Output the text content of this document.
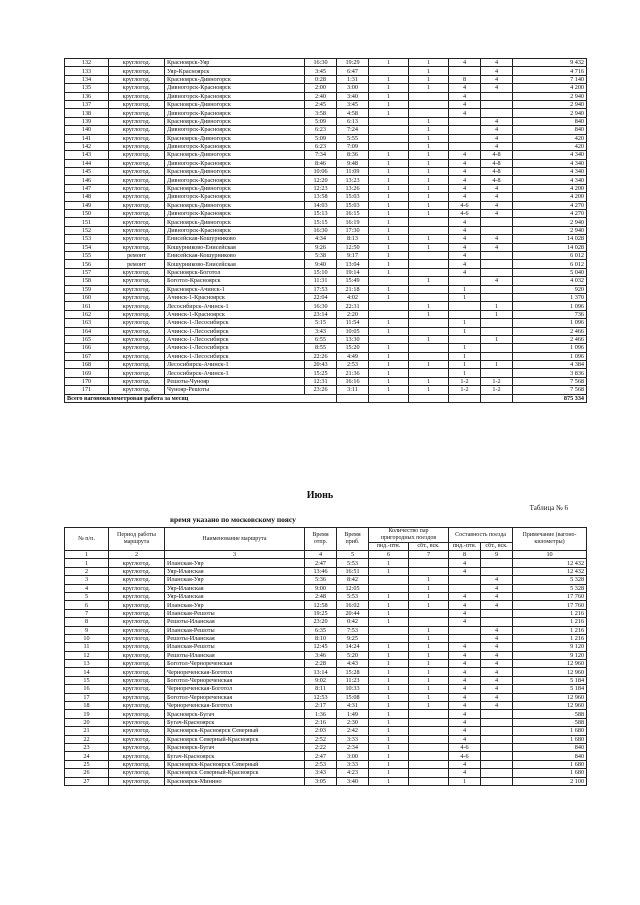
132	круглогод.	Красноярск-Уяр	16:30	19:29	1	1	4	4	9 432
133	круглогод.	Уяр-Красноярск	3:45	6:47		1		4	4 716
134	круглогод.	Красноярск-Дивногорск	0:28	1:31	1	1	8	4	7 140
135	круглогод.	Дивногорск-Красноярск	2:00	3:00	1	1	4	4	4 200
136	круглогод.	Дивногорск-Красноярск	2:40	3:40	1		4		2 940
137	круглогод.	Красноярск-Дивногорск	2:45	3:45	1		4		2 940
138	круглогод.	Дивногорск-Красноярск	3:58	4:58	1		4		2 940
139	круглогод.	Красноярск-Дивногорск	5:09	6:13		1		4	840
140	круглогод.	Дивногорск-Красноярск	6:23	7:24		1		4	840
141	круглогод.	Красноярск-Дивногорск	5:09	5:55		1		4	420
142	круглогод.	Дивногорск-Красноярск	6:23	7:09		1		4	420
143	круглогод.	Красноярск-Дивногорск	7:34	8:36	1	1	4	4-8	4 340
144	круглогод.	Дивногорск-Красноярск	8:46	9:48	1	1	4	4-8	4 340
145	круглогод.	Красноярск-Дивногорск	10:06	11:09	1	1	4	4-8	4 340
146	круглогод.	Дивногорск-Красноярск	12:20	13:23	1	1	4	4-8	4 340
147	круглогод.	Красноярск-Дивногорск	12:23	13:26	1	1	4	4	4 200
148	круглогод.	Дивногорск-Красноярск	13:58	15:03	1	1	4	4	4 200
149	круглогод.	Красноярск-Дивногорск	14:03	15:03	1	1	4-6	4	4 270
150	круглогод.	Дивногорск-Красноярск	15:13	16:15	1	1	4-6	4	4 270
151	круглогод.	Красноярск-Дивногорск	15:15	16:19	1		4		2 940
152	круглогод.	Дивногорск-Красноярск	16:30	17:30	1		4		2 940
153	круглогод.	Енисейская-Кошурниково	4:34	8:13	1	1	4	4	14 028
154	круглогод.	Кошурниково-Енисейская	9:26	12:50	1	1	4	4	14 028
155	ремонт	Енисейская-Кошурниково	5:38	9:17	1		4		6 012
156	ремонт	Кошурниково-Енисейская	9:40	13:04	1		4		6 012
157	круглогод.	Красноярск-Боготол	15:10	19:14	1		4		5 040
158	круглогод.	Боготол-Красноярск	11:31	15:49		1		4	4 032
159	круглогод.	Красноярск-Ачинск-1	17:53	21:18	1		1		920
160	круглогод.	Ачинск-1-Красноярск	22:04	4:02	1		1		1 370
161	круглогод.	Лесосибирск-Ачинск-1	16:30	22:31		1		1	1 096
162	круглогод.	Ачинск-1-Красноярск	23:14	2:20		1		1	736
163	круглогод.	Ачинск-1-Лесосибирск	5:15	11:54	1		1		1 096
164	круглогод.	Ачинск-1-Лесосибирск	3:43	10:05	1		1		2 466
165	круглогод.	Ачинск-1-Лесосибирск	6:55	13:30		1		1	2 466
166	круглогод.	Ачинск-1-Лесосибирск	8:55	15:20	1		1		1 096
167	круглогод.	Ачинск-1-Лесосибирск	22:26	4:49	1		1		1 096
168	круглогод.	Лесосибирск-Ачинск-1	20:43	2:53	1	1	1	1	4 384
169	круглогод.	Лесосибирск-Ачинск-1	15:25	21:36	1		1		3 836
170	круглогод.	Решоты-Чунояр	12:31	16:16	1	1	1-2	1-2	7 568
171	круглогод.	Чунояр-Решоты	23:26	3:11	1	1	1-2	1-2	7 568
Всего вагонокилометровая работа за месяц									875 334
Июнь
Таблица № 6
время указано по московскому поясу
№ п/п.	Период работы маршрута	Наименование маршрута	Время отпр.	Время приб.	Количество пар пригородных поездов		Составность поезда		Примечание (вагоно-километры)
					пнд.-птн.	сбт., вск.	пнд.-птн.	сбт., вск.	
1	2	3	4	5	6	7	8	9	10
1	круглогод.	Иланская-Уяр	2:47	5:53	1		4		12 432
2	круглогод.	Уяр-Иланская	13:46	16:51	1		4		12 432
3	круглогод.	Иланская-Уяр	5:36	8:42		1		4	5 328
4	круглогод.	Уяр-Иланская	9:00	12:05		1		4	5 328
5	круглогод.	Уяр-Иланская	2:48	5:53	1	1	4	4	17 760
6	круглогод.	Иланская-Уяр	12:58	16:02	1	1	4	4	17 760
7	круглогод.	Иланская-Решоты	19:25	20:44	1		4		1 216
8	круглогод.	Решоты-Иланская	23:20	0:42	1		4		1 216
9	круглогод.	Иланская-Решоты	6:35	7:53		1		4	1 216
10	круглогод.	Решоты-Иланская	8:10	9:25		1		4	1 216
11	круглогод.	Иланская-Решоты	12:45	14:24	1	1	4	4	9 120
12	круглогод.	Решоты-Иланская	3:46	5:20	1	1	4	4	9 120
13	круглогод.	Боготол-Чернореченская	2:28	4:43	1	1	4	4	12 960
14	круглогод.	Чернореченская-Боготол	13:14	15:28	1	1	4	4	12 960
15	круглогод.	Боготол-Чернореченская	9:02	11:23	1	1	4	4	5 184
16	круглогод.	Чернореченская-Боготол	8:11	10:33	1	1	4	4	5 184
17	круглогод.	Боготол-Чернореченская	12:53	15:08	1	1	4	4	12 960
18	круглогод.	Чернореченская-Боготол	2:17	4:31	1	1	4	4	12 960
19	круглогод.	Красноярск-Бугач	1:36	1:49	1		4		588
20	круглогод.	Бугач-Красноярск	2:16	2:30	1		4		588
21	круглогод.	Красноярск-Красноярск Северный	2:03	2:42	1		4		1 680
22	круглогод.	Красноярск Северный-Красноярск	2:52	3:33	1		4		1 680
23	круглогод.	Красноярск-Бугач	2:22	2:34	1		4-6		840
24	круглогод.	Бугач-Красноярск	2:47	3:00	1		4-6		840
25	круглогод.	Красноярск-Красноярск Северный	2:53	3:33	1		4		1 680
26	круглогод.	Красноярск Северный-Красноярск	3:43	4:23	1		4		1 680
27	круглогод.	Красноярск-Минино	3:05	3:40	1		1		2 100
